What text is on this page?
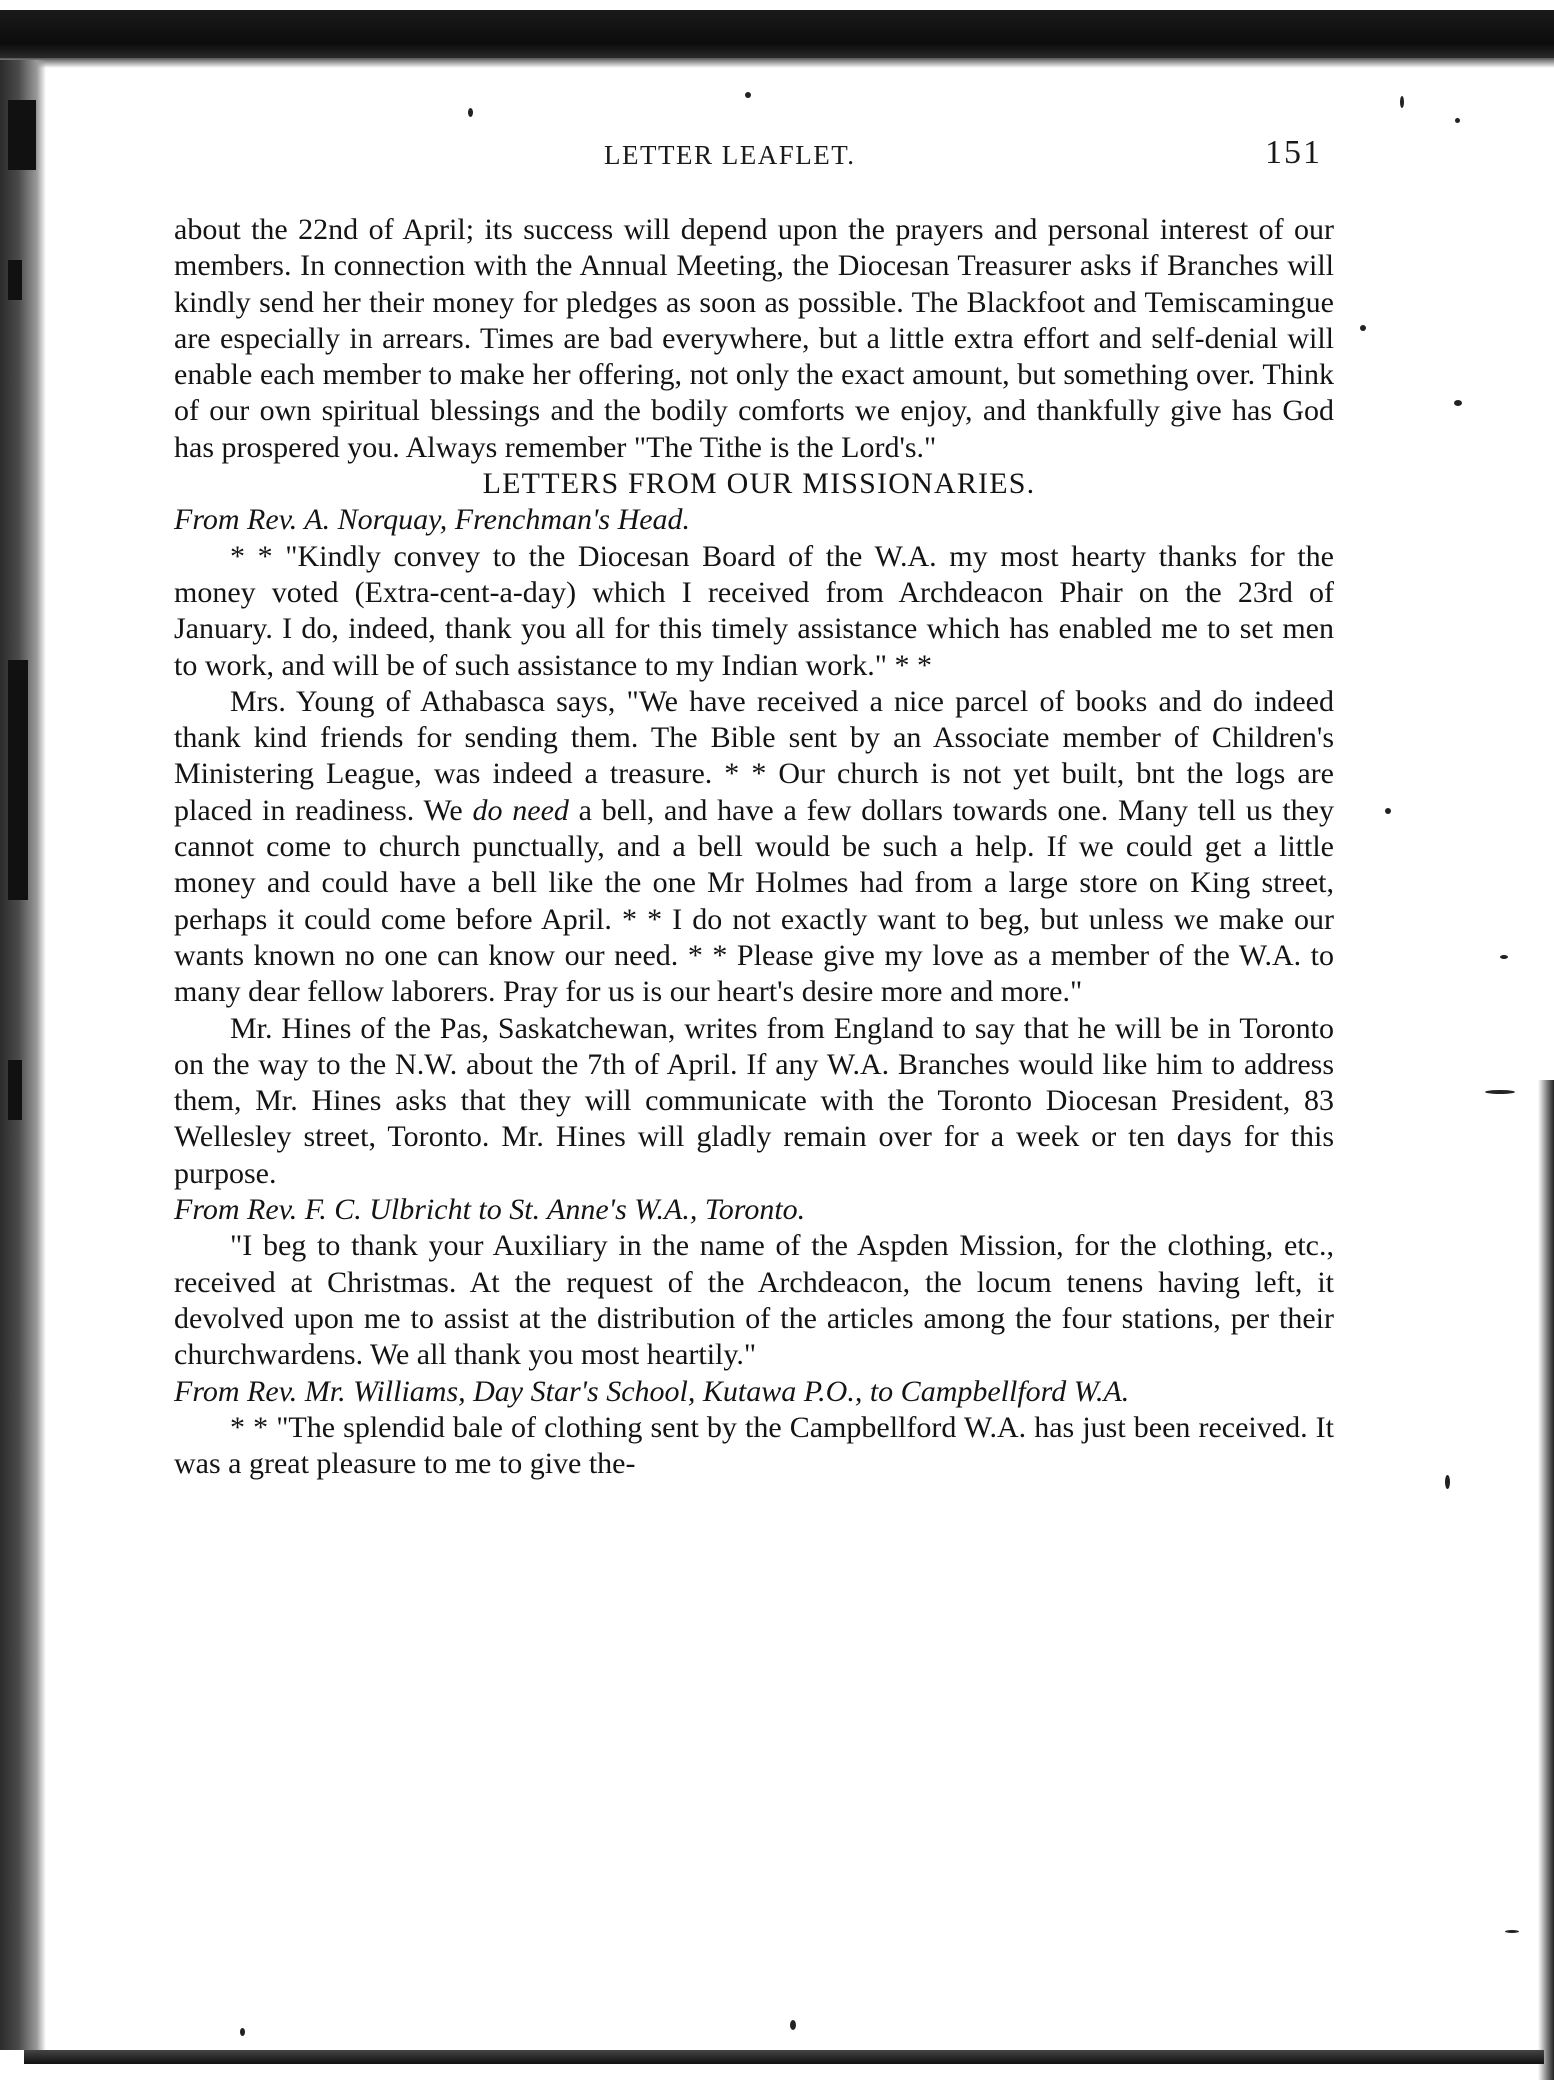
LETTER LEAFLET.	151

about the 22nd of April; its success will depend upon the prayers and personal interest of our members. In connection with the Annual Meeting, the Diocesan Treasurer asks if Branches will kindly send her their money for pledges as soon as possible. The Blackfoot and Temiscamingue are especially in arrears. Times are bad everywhere, but a little extra effort and self-denial will enable each member to make her offering, not only the exact amount, but something over. Think of our own spiritual blessings and the bodily comforts we enjoy, and thankfully give has God has prospered you. Always remember "The Tithe is the Lord's."

LETTERS FROM OUR MISSIONARIES.

From Rev. A. Norquay, Frenchman's Head.

* * "Kindly convey to the Diocesan Board of the W.A. my most hearty thanks for the money voted (Extra-cent-a-day) which I received from Archdeacon Phair on the 23rd of January. I do, indeed, thank you all for this timely assistance which has enabled me to set men to work, and will be of such assistance to my Indian work." * *

Mrs. Young of Athabasca says, "We have received a nice parcel of books and do indeed thank kind friends for sending them. The Bible sent by an Associate member of Children's Ministering League, was indeed a treasure. * * Our church is not yet built, bnt the logs are placed in readiness. We do need a bell, and have a few dollars towards one. Many tell us they cannot come to church punctually, and a bell would be such a help. If we could get a little money and could have a bell like the one Mr Holmes had from a large store on King street, perhaps it could come before April. * * I do not exactly want to beg, but unless we make our wants known no one can know our need. * * Please give my love as a member of the W.A. to many dear fellow laborers. Pray for us is our heart's desire more and more."

Mr. Hines of the Pas, Saskatchewan, writes from England to say that he will be in Toronto on the way to the N.W. about the 7th of April. If any W.A. Branches would like him to address them, Mr. Hines asks that they will communicate with the Toronto Diocesan President, 83 Wellesley street, Toronto. Mr. Hines will gladly remain over for a week or ten days for this purpose.

From Rev. F. C. Ulbricht to St. Anne's W.A., Toronto.

"I beg to thank your Auxiliary in the name of the Aspden Mission, for the clothing, etc., received at Christmas. At the request of the Archdeacon, the locum tenens having left, it devolved upon me to assist at the distribution of the articles among the four stations, per their churchwardens. We all thank you most heartily."

From Rev. Mr. Williams, Day Star's School, Kutawa P.O., to Campbellford W.A.

* * "The splendid bale of clothing sent by the Campbellford W.A. has just been received. It was a great pleasure to me to give the-
